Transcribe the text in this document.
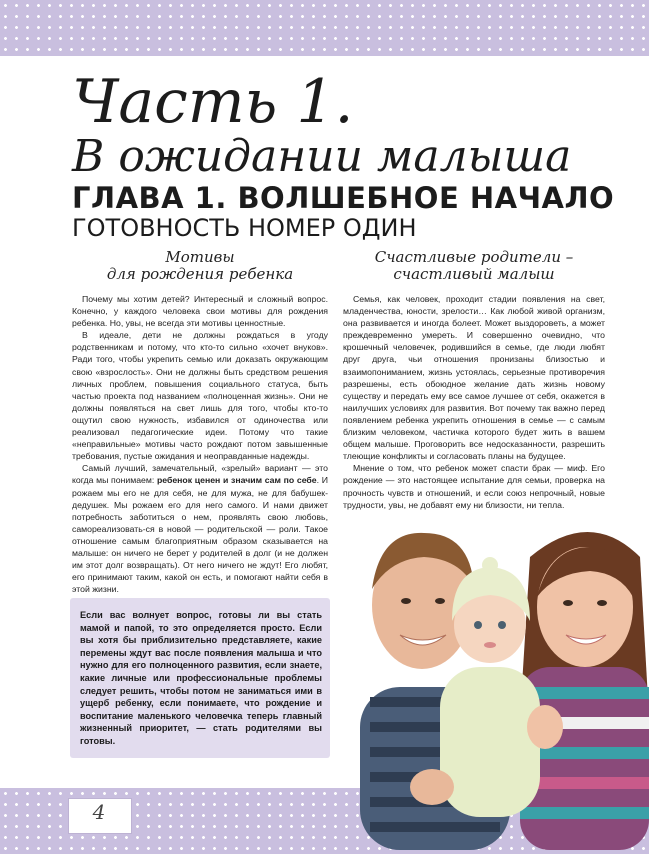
Часть 1.
В ожидании малыша
ГЛАВА 1. ВОЛШЕБНОЕ НАЧАЛО
ГОТОВНОСТЬ НОМЕР ОДИН
Мотивы
для рождения ребенка
Счастливые родители –
счастливый малыш

Почему мы хотим детей? Интересный и сложный вопрос. Конечно, у каждого человека свои мотивы для рождения ребенка. Но, увы, не всегда эти мотивы ценностные.

В идеале, дети не должны рождаться в угоду родственникам и потому, что кто-то сильно «хочет внуков». Ради того, чтобы укрепить семью или доказать окружающим свою «взрослость». Они не должны быть средством решения личных проблем, повышения социального статуса, быть частью проекта под названием «полноценная жизнь». Они не должны появляться на свет лишь для того, чтобы кто-то ощутил свою нужность, избавился от одиночества или реализовал педагогические идеи. Потому что такие «неправильные» мотивы часто рождают потом завышенные требования, пустые ожидания и неоправданные надежды.

Самый лучший, замечательный, «зрелый» вариант — это когда мы понимаем: ребенок ценен и значим сам по себе. И рожаем мы его не для себя, не для мужа, не для бабушек-дедушек. Мы рожаем его для него самого. И нами движет потребность заботиться о нем, проявлять свою любовь, самореализовать-ся в новой — родительской — роли. Такое отношение самым благоприятным образом сказывается на малыше: он ничего не берет у родителей в долг (и не должен им этот долг возвращать). От него ничего не ждут! Его любят, его принимают таким, какой он есть, и помогают найти себя в этой жизни.

Семья, как человек, проходит стадии появления на свет, младенчества, юности, зрелости… Как любой живой организм, она развивается и иногда болеет. Может выздороветь, а может преждевременно умереть. И совершенно очевидно, что крошечный человечек, родившийся в семье, где люди любят друг друга, чьи отношения пронизаны близостью и взаимопониманием, жизнь устоялась, серьезные противоречия разрешены, есть обоюдное желание дать жизнь новому существу и передать ему все самое лучшее от себя, окажется в наилучших условиях для развития. Вот почему так важно перед появлением ребенка укрепить отношения в семье — с самым близким человеком, частичка которого будет жить в вашем общем малыше. Проговорить все недосказанности, разрешить тлеющие конфликты и согласовать планы на будущее.

Мнение о том, что ребенок может спасти брак — миф. Его рождение — это настоящее испытание для семьи, проверка на прочность чувств и отношений, и если союз непрочный, новые трудности, увы, не добавят ему ни близости, ни тепла.

Если вас волнует вопрос, готовы ли вы стать мамой и папой, то это определяется просто. Если вы хотя бы приблизительно представляете, какие перемены ждут вас после появления малыша и что нужно для его полноценного развития, если знаете, какие личные или профессиональные проблемы следует решить, чтобы потом не заниматься ими в ущерб ребенку, если понимаете, что рождение и воспитание маленького человечка теперь главный жизненный приоритет, — стать родителями вы готовы.

4
